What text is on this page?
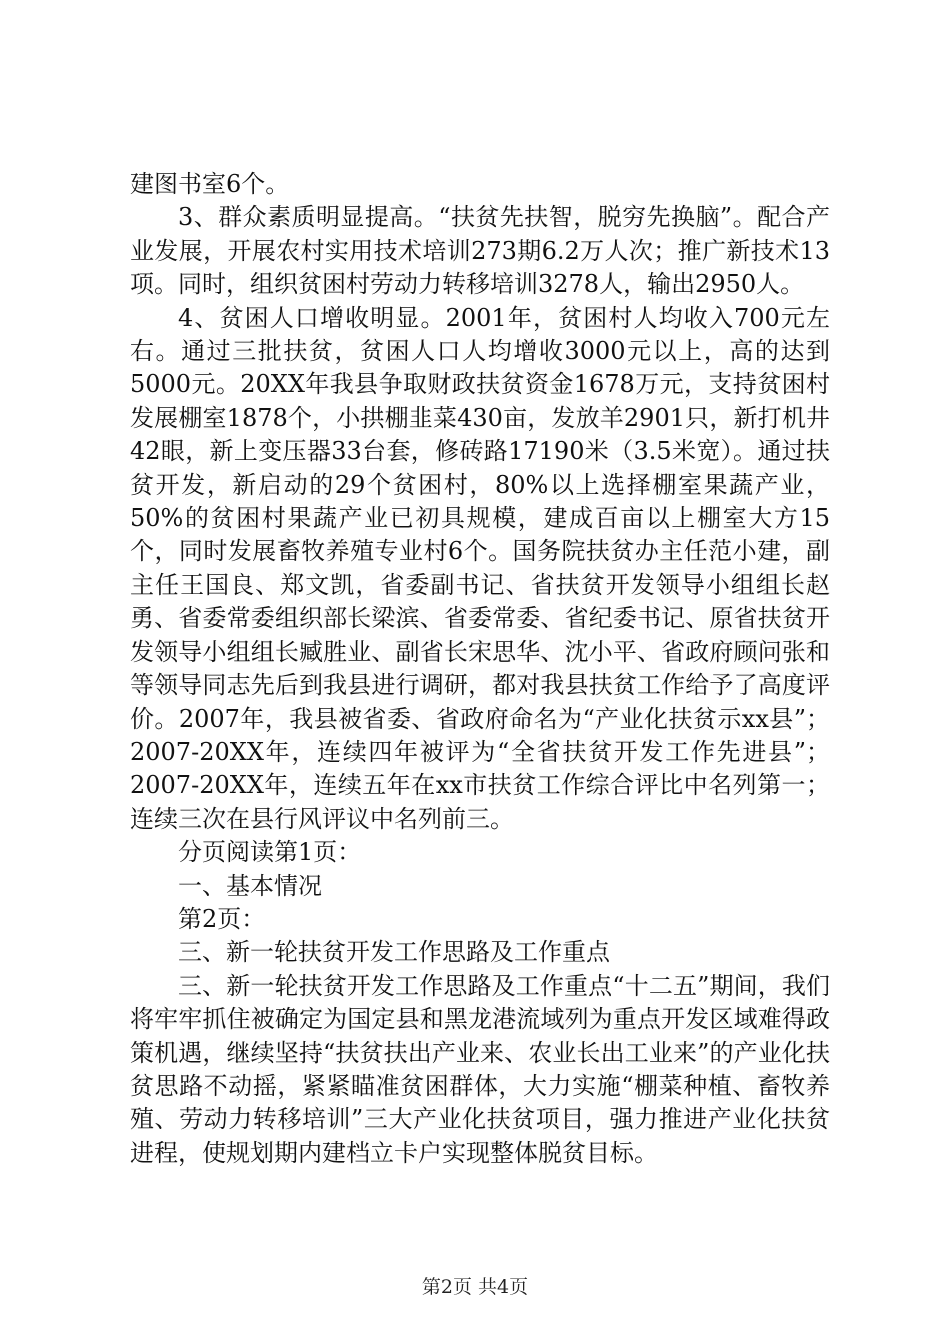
建图书室6个。

3、群众素质明显提高。“扶贫先扶智，脱穷先换脑”。配合产业发展，开展农村实用技术培训273期6.2万人次；推广新技术13项。同时，组织贫困村劳动力转移培训3278人，输出2950人。

4、贫困人口增收明显。2001年，贫困村人均收入700元左右。通过三批扶贫，贫困人口人均增收3000元以上，高的达到5000元。20XX年我县争取财政扶贫资金1678万元，支持贫困村发展棚室1878个，小拱棚韭菜430亩，发放羊2901只，新打机井42眼，新上变压器33台套，修砖路17190米（3.5米宽）。通过扶贫开发，新启动的29个贫困村，80%以上选择棚室果蔬产业，50%的贫困村果蔬产业已初具规模，建成百亩以上棚室大方15个，同时发展畜牧养殖专业村6个。国务院扶贫办主任范小建，副主任王国良、郑文凯，省委副书记、省扶贫开发领导小组组长赵勇、省委常委组织部长梁滨、省委常委、省纪委书记、原省扶贫开发领导小组组长臧胜业、副省长宋思华、沈小平、省政府顾问张和等领导同志先后到我县进行调研，都对我县扶贫工作给予了高度评价。2007年，我县被省委、省政府命名为“产业化扶贫示xx县”；2007-20XX年，连续四年被评为“全省扶贫开发工作先进县”；2007-20XX年，连续五年在xx市扶贫工作综合评比中名列第一；连续三次在县行风评议中名列前三。

分页阅读第1页：

一、基本情况

第2页：

三、新一轮扶贫开发工作思路及工作重点

三、新一轮扶贫开发工作思路及工作重点“十二五”期间，我们将牢牢抓住被确定为国定县和黑龙港流域列为重点开发区域难得政策机遇，继续坚持“扶贫扶出产业来、农业长出工业来”的产业化扶贫思路不动摇，紧紧瞄准贫困群体，大力实施“棚菜种植、畜牧养殖、劳动力转移培训”三大产业化扶贫项目，强力推进产业化扶贫进程，使规划期内建档立卡户实现整体脱贫目标。

第2页 共4页
